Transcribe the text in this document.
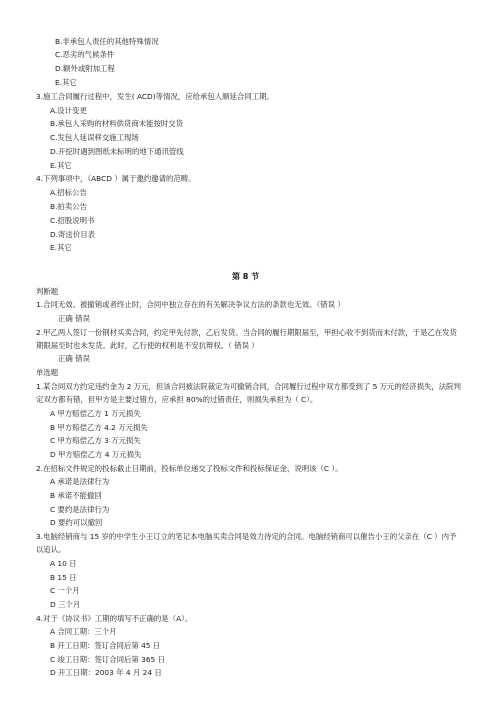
B.非承包人责任的其他特殊情况
C.恶劣的气候条件
D.额外或附加工程
E.其它
3.施工合同履行过程中，发生( ACD)等情况，应给承包人顺延合同工期。
A.设计变更
B.承包人采购的材料供货商未能按时交货
C.发包人延误移交施工现场
D.开挖时遇到图纸未标明的地下通讯管线
E.其它
4.下列事项中，（ABCD ）属于邀约邀请的范畴。
A.招标公告
B.拍卖公告
C.招股说明书
D.寄送价目表
E.其它
第 8 节
判断题
1.合同无效、被撤销或者终止时，合同中独立存在的有关解决争议方法的条款也无效。（错误 ）
正确 错误
2.甲乙两人签订一份钢材买卖合同，约定甲先付款，乙后发货。当合同的履行期限届至，甲担心收不到货而未付款，于是乙在发货
期限届至时也未发货。此时，乙行使的权利是不安抗辩权。（ 错误 ）
正确 错误
单选题
1.某合同双方约定违约金为 2 万元，但该合同被法院裁定为可撤销合同，合同履行过程中双方都受到了 5 万元的经济损失，法院判
定双方都有错，但甲方是主要过错方，应承担 80%的过错责任，则损失承担为（ C）。
A 甲方赔偿乙方 1 万元损失
B 甲方赔偿乙方 4.2 万元损失
C 甲方赔偿乙方 3 万元损失
D 甲方赔偿乙方 4 万元损失
2.在招标文件规定的投标截止日期前，投标单位递交了投标文件和投标保证金，说明该（C ）。
A 承诺是法律行为
B 承诺不能撤回
C 要约是法律行为
D 要约可以撤回
3.电脑经销商与 15 岁的中学生小王订立的笔记本电脑买卖合同是效力待定的合同。电脑经销商可以催告小王的父亲在（C ）内予
以追认。
A 10 日
B 15 日
C 一个月
D 三个月
4.对于《协议书》工期的填写不正确的是（A）。
A 合同工期：三个月
B 开工日期：签订合同后第 45 日
C 竣工日期：签订合同后第 365 日
D 开工日期：2003 年 4 月 24 日
